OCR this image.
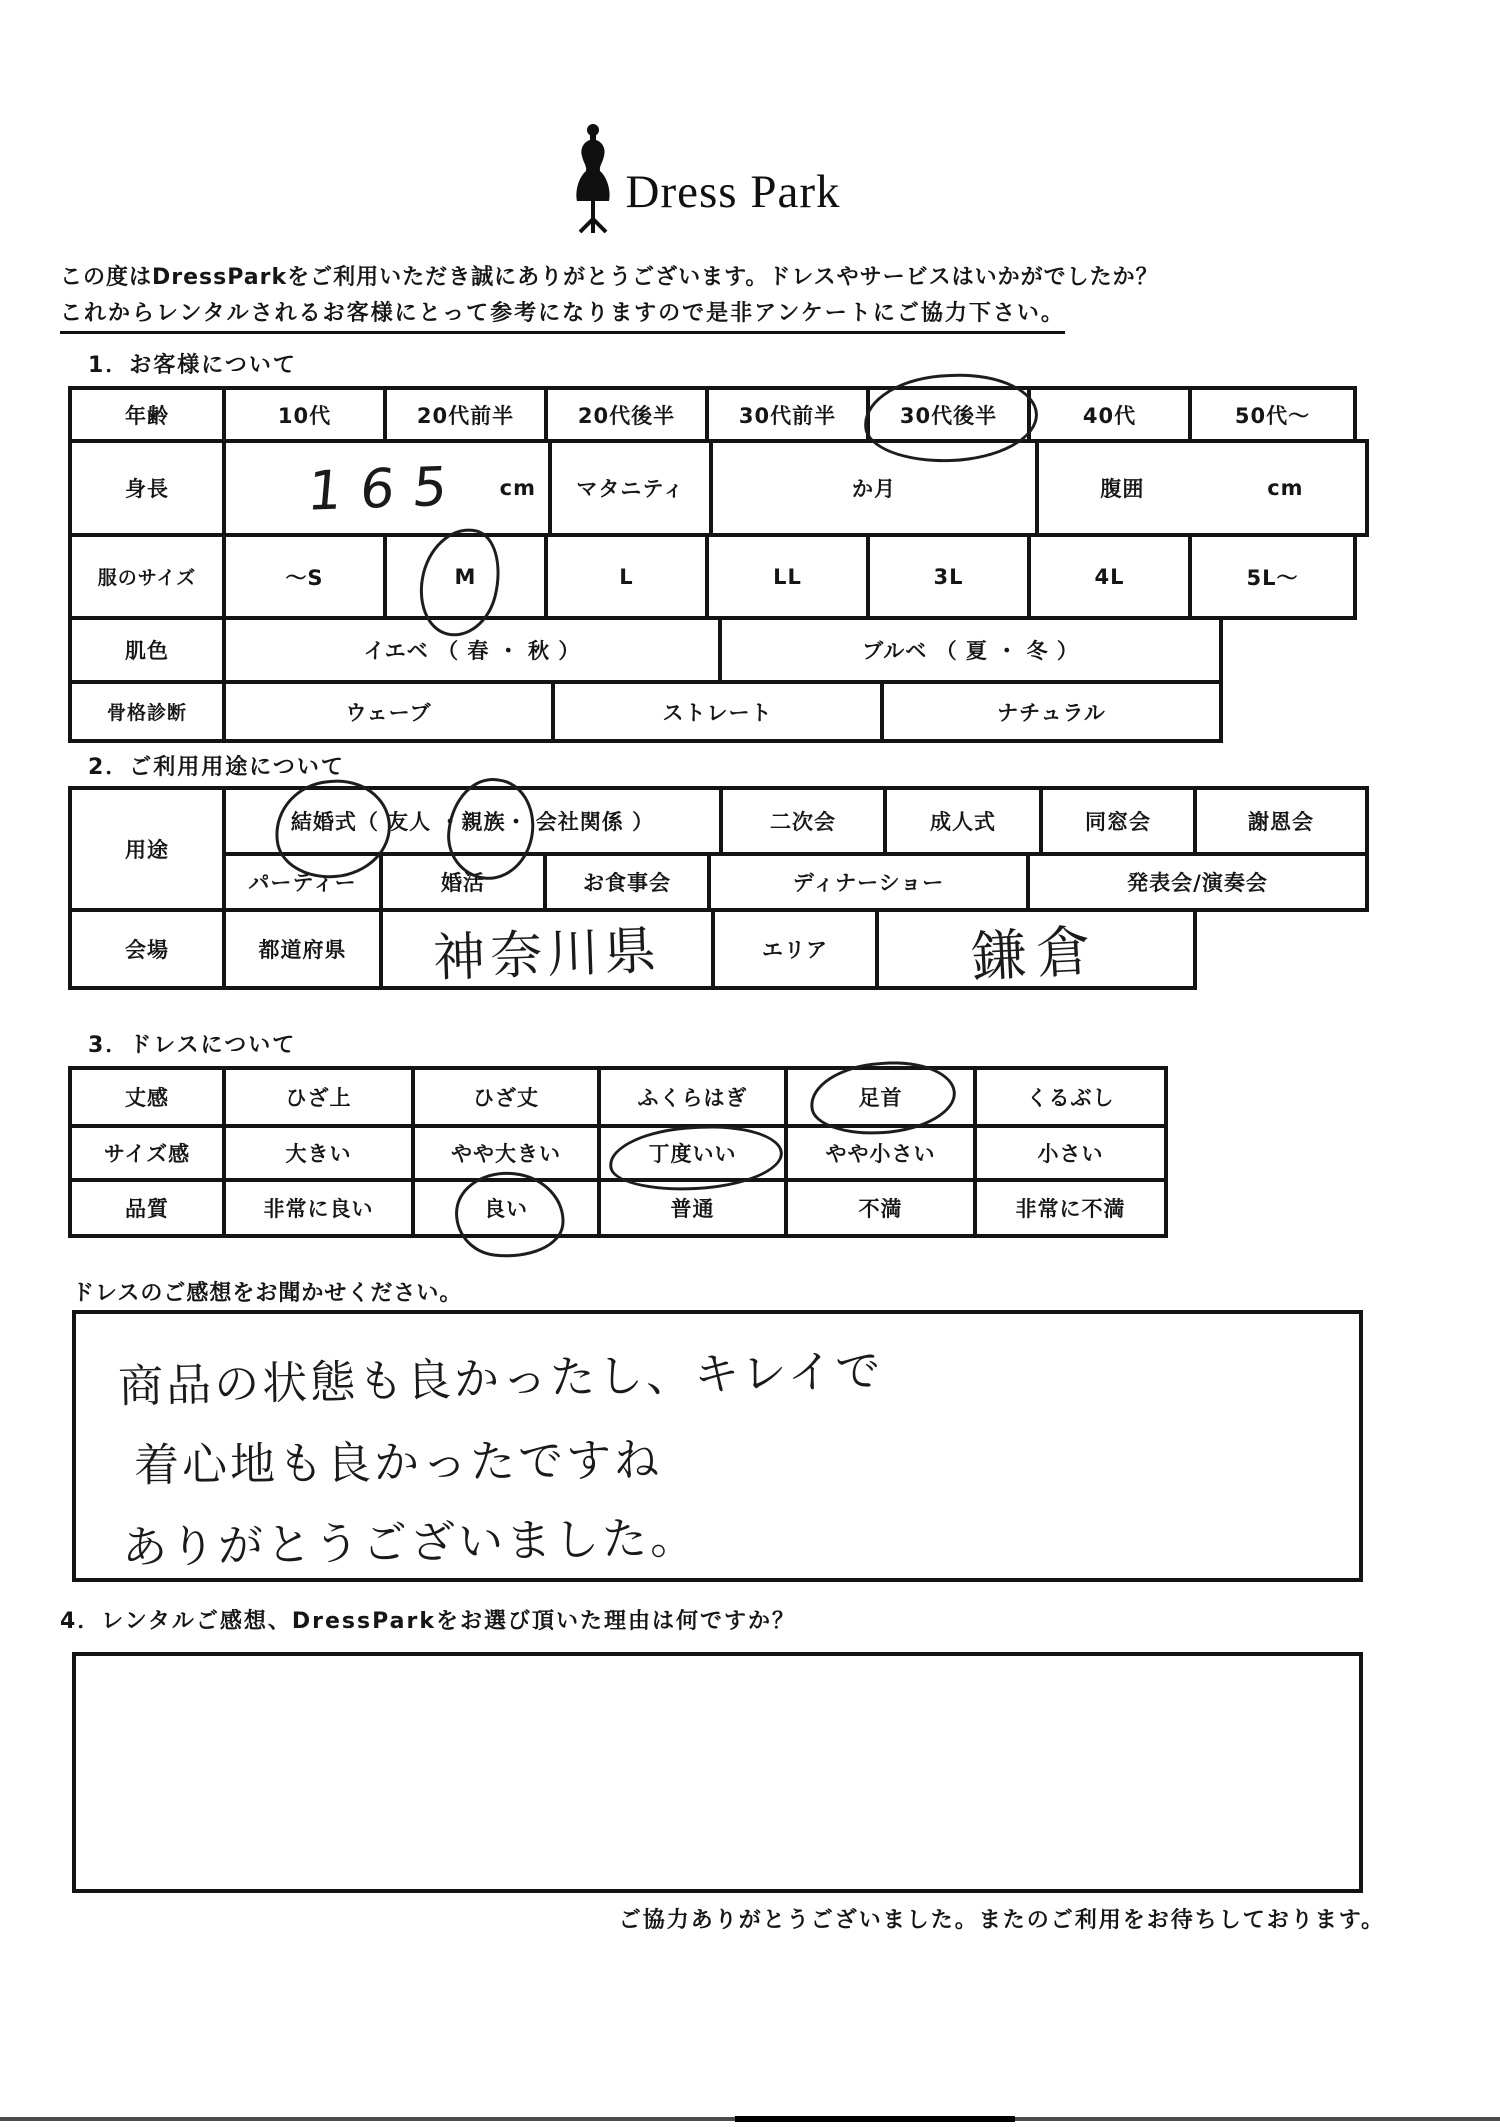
Dress Park
この度はDressParkをご利用いただき誠にありがとうございます。ドレスやサービスはいかがでしたか？
これからレンタルされるお客様にとって参考になりますので是非アンケートにご協力下さい。
1．お客様について
年齢	10代	20代前半	20代後半	30代前半	30代後半	40代	50代～
身長	165 cm	マタニティ	か月	腹囲	cm
服のサイズ	～S	M	L	LL	3L	4L	5L～
肌色	イエベ （ 春 ・ 秋 ）	ブルベ （ 夏 ・ 冬 ）
骨格診断	ウェーブ	ストレート	ナチュラル
2．ご利用用途について
用途
結婚式 （ 友人 ・ 親族 ・ 会社関係 ）	二次会	成人式	同窓会	謝恩会
パーティー	婚活	お食事会	ディナーショー	発表会/演奏会
会場	都道府県	神奈川県	エリア	鎌倉
3．ドレスについて
丈感	ひざ上	ひざ丈	ふくらはぎ	足首	くるぶし
サイズ感	大きい	やや大きい	丁度いい	やや小さい	小さい
品質	非常に良い	良い	普通	不満	非常に不満
ドレスのご感想をお聞かせください。
商品の状態も良かったし、キレイで
着心地も良かったですね
ありがとうございました。
4．レンタルご感想、DressParkをお選び頂いた理由は何ですか？
ご協力ありがとうございました。またのご利用をお待ちしております。
